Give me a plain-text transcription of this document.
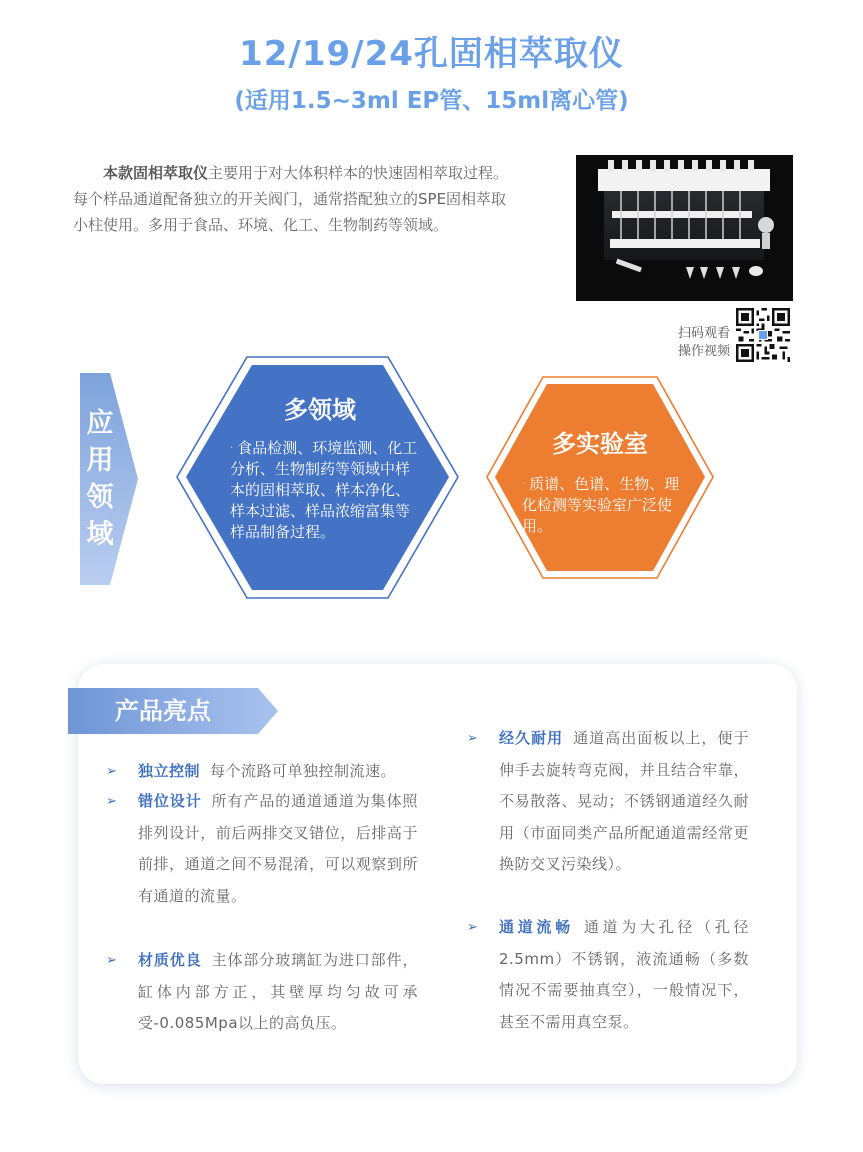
12/19/24孔固相萃取仪
(适用1.5~3ml EP管、15ml离心管)
本款固相萃取仪主要用于对大体积样本的快速固相萃取过程。每个样品通道配备独立的开关阀门，通常搭配独立的SPE固相萃取小柱使用。多用于食品、环境、化工、生物制药等领域。
扫码观看
操作视频
应
用
领
域
多领域
· 食品检测、环境监测、化工分析、生物制药等领域中样本的固相萃取、样本净化、样本过滤、样品浓缩富集等样品制备过程。
多实验室
· 质谱、色谱、生物、理化检测等实验室广泛使用。
产品亮点
➢ 独立控制 每个流路可单独控制流速。
➢ 错位设计 所有产品的通道通道为集体照排列设计，前后两排交叉错位，后排高于前排，通道之间不易混淆，可以观察到所有通道的流量。
➢ 材质优良 主体部分玻璃缸为进口部件，缸体内部方正，其壁厚均匀故可承受-0.085Mpa以上的高负压。
➢ 经久耐用 通道高出面板以上，便于伸手去旋转弯克阀，并且结合牢靠，不易散落、晃动；不锈钢通道经久耐用（市面同类产品所配通道需经常更换防交叉污染线）。
➢ 通道流畅 通道为大孔径（孔径2.5mm）不锈钢，液流通畅（多数情况不需要抽真空），一般情况下，甚至不需用真空泵。
